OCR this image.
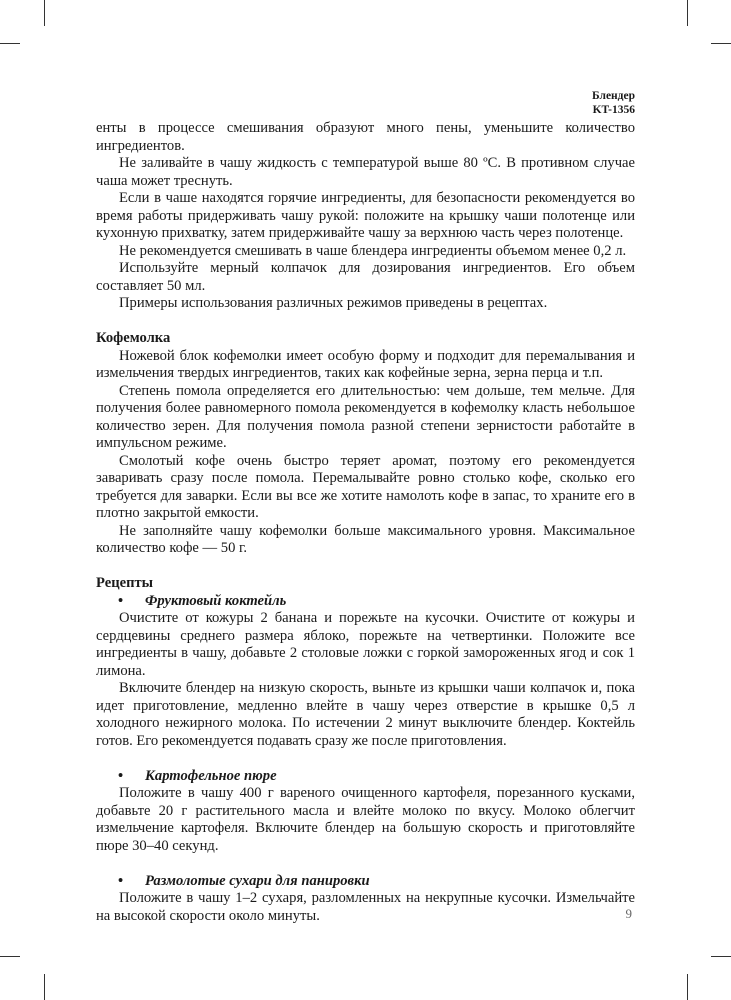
Блендер
KT-1356

енты в процессе смешивания образуют много пены, уменьшите количество ингредиентов.

Не заливайте в чашу жидкость с температурой выше 80 ºС. В противном случае чаша может треснуть.

Если в чаше находятся горячие ингредиенты, для безопасности рекомендуется во время работы придерживать чашу рукой: положите на крышку чаши полотенце или кухонную прихватку, затем придерживайте чашу за верхнюю часть через полотенце.

Не рекомендуется смешивать в чаше блендера ингредиенты объемом менее 0,2 л.

Используйте мерный колпачок для дозирования ингредиентов. Его объем составляет 50 мл.

Примеры использования различных режимов приведены в рецептах.

Кофемолка

Ножевой блок кофемолки имеет особую форму и подходит для перемалывания и измельчения твердых ингредиентов, таких как кофейные зерна, зерна перца и т.п.

Степень помола определяется его длительностью: чем дольше, тем мельче. Для получения более равномерного помола рекомендуется в кофемолку класть небольшое количество зерен. Для получения помола разной степени зернистости работайте в импульсном режиме.

Смолотый кофе очень быстро теряет аромат, поэтому его рекомендуется заваривать сразу после помола. Перемалывайте ровно столько кофе, сколько его требуется для заварки. Если вы все же хотите намолоть кофе в запас, то храните его в плотно закрытой емкости.

Не заполняйте чашу кофемолки больше максимального уровня. Максимальное количество кофе — 50 г.

Рецепты
•	Фруктовый коктейль

Очистите от кожуры 2 банана и порежьте на кусочки. Очистите от кожуры и сердцевины среднего размера яблоко, порежьте на четвертинки. Положите все ингредиенты в чашу, добавьте 2 столовые ложки с горкой замороженных ягод и сок 1 лимона.

Включите блендер на низкую скорость, выньте из крышки чаши колпачок и, пока идет приготовление, медленно влейте в чашу через отверстие в крышке 0,5 л холодного нежирного молока. По истечении 2 минут выключите блендер. Коктейль готов. Его рекомендуется подавать сразу же после приготовления.

•	Картофельное пюре

Положите в чашу 400 г вареного очищенного картофеля, порезанного кусками, добавьте 20 г растительного масла и влейте молоко по вкусу. Молоко облегчит измельчение картофеля. Включите блендер на большую скорость и приготовляйте пюре 30–40 секунд.

•	Размолотые сухари для панировки

Положите в чашу 1–2 сухаря, разломленных на некрупные кусочки. Измельчайте на высокой скорости около минуты.	9
